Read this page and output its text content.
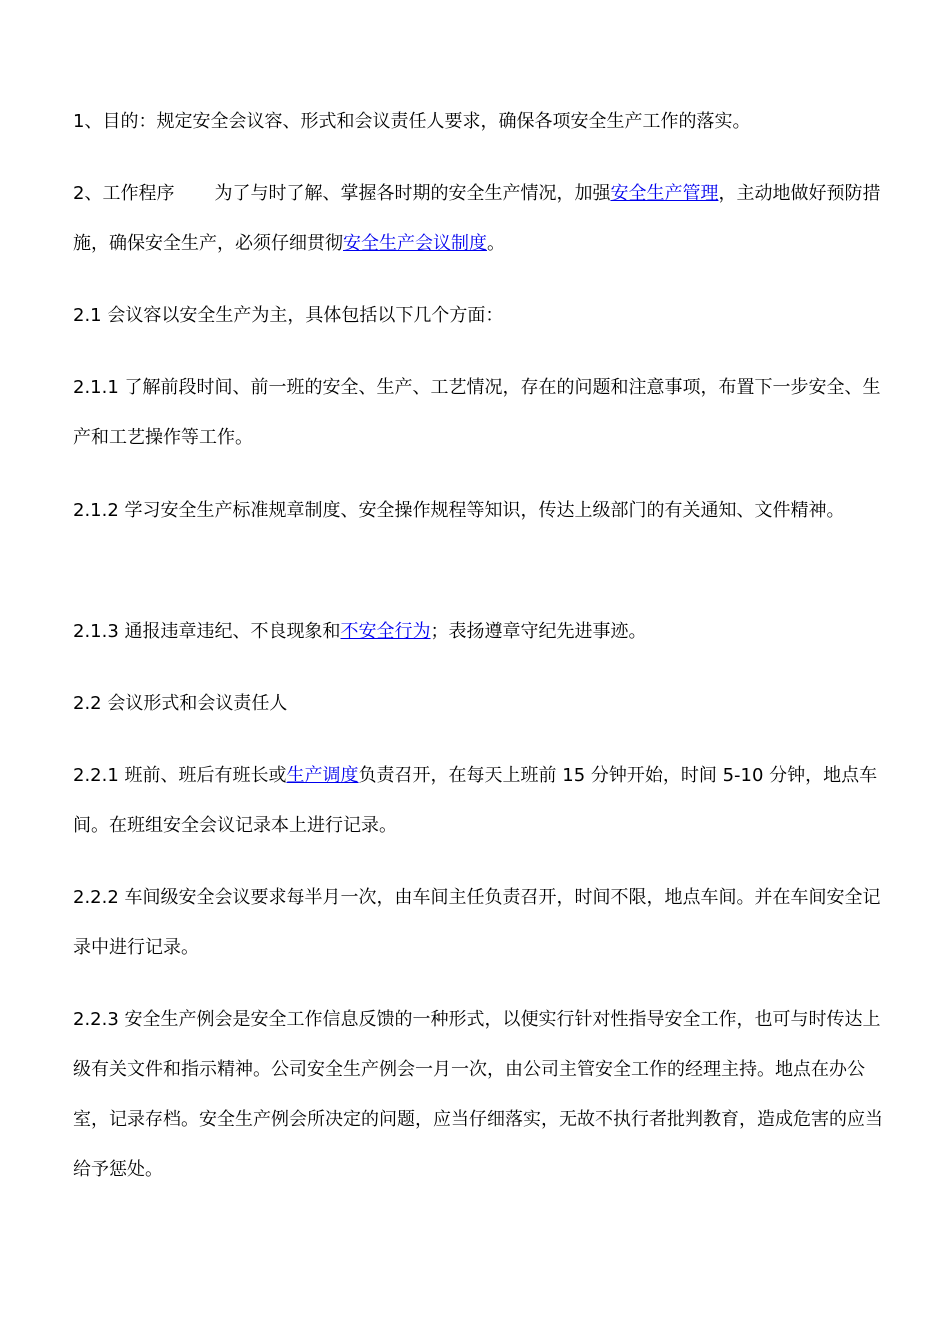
1、目的：规定安全会议容、形式和会议责任人要求，确保各项安全生产工作的落实。
2、工作程序 为了与时了解、掌握各时期的安全生产情况，加强安全生产管理，主动地做好预防措施，确保安全生产，必须仔细贯彻安全生产会议制度。
2.1 会议容以安全生产为主，具体包括以下几个方面：
2.1.1 了解前段时间、前一班的安全、生产、工艺情况，存在的问题和注意事项，布置下一步安全、生产和工艺操作等工作。
2.1.2 学习安全生产标准规章制度、安全操作规程等知识，传达上级部门的有关通知、文件精神。
2.1.3 通报违章违纪、不良现象和不安全行为；表扬遵章守纪先进事迹。
2.2 会议形式和会议责任人
2.2.1 班前、班后有班长或生产调度负责召开，在每天上班前 15 分钟开始，时间 5-10 分钟，地点车间。在班组安全会议记录本上进行记录。
2.2.2 车间级安全会议要求每半月一次，由车间主任负责召开，时间不限，地点车间。并在车间安全记录中进行记录。
2.2.3 安全生产例会是安全工作信息反馈的一种形式，以便实行针对性指导安全工作，也可与时传达上级有关文件和指示精神。公司安全生产例会一月一次，由公司主管安全工作的经理主持。地点在办公室，记录存档。安全生产例会所决定的问题，应当仔细落实，无故不执行者批判教育，造成危害的应当给予惩处。
